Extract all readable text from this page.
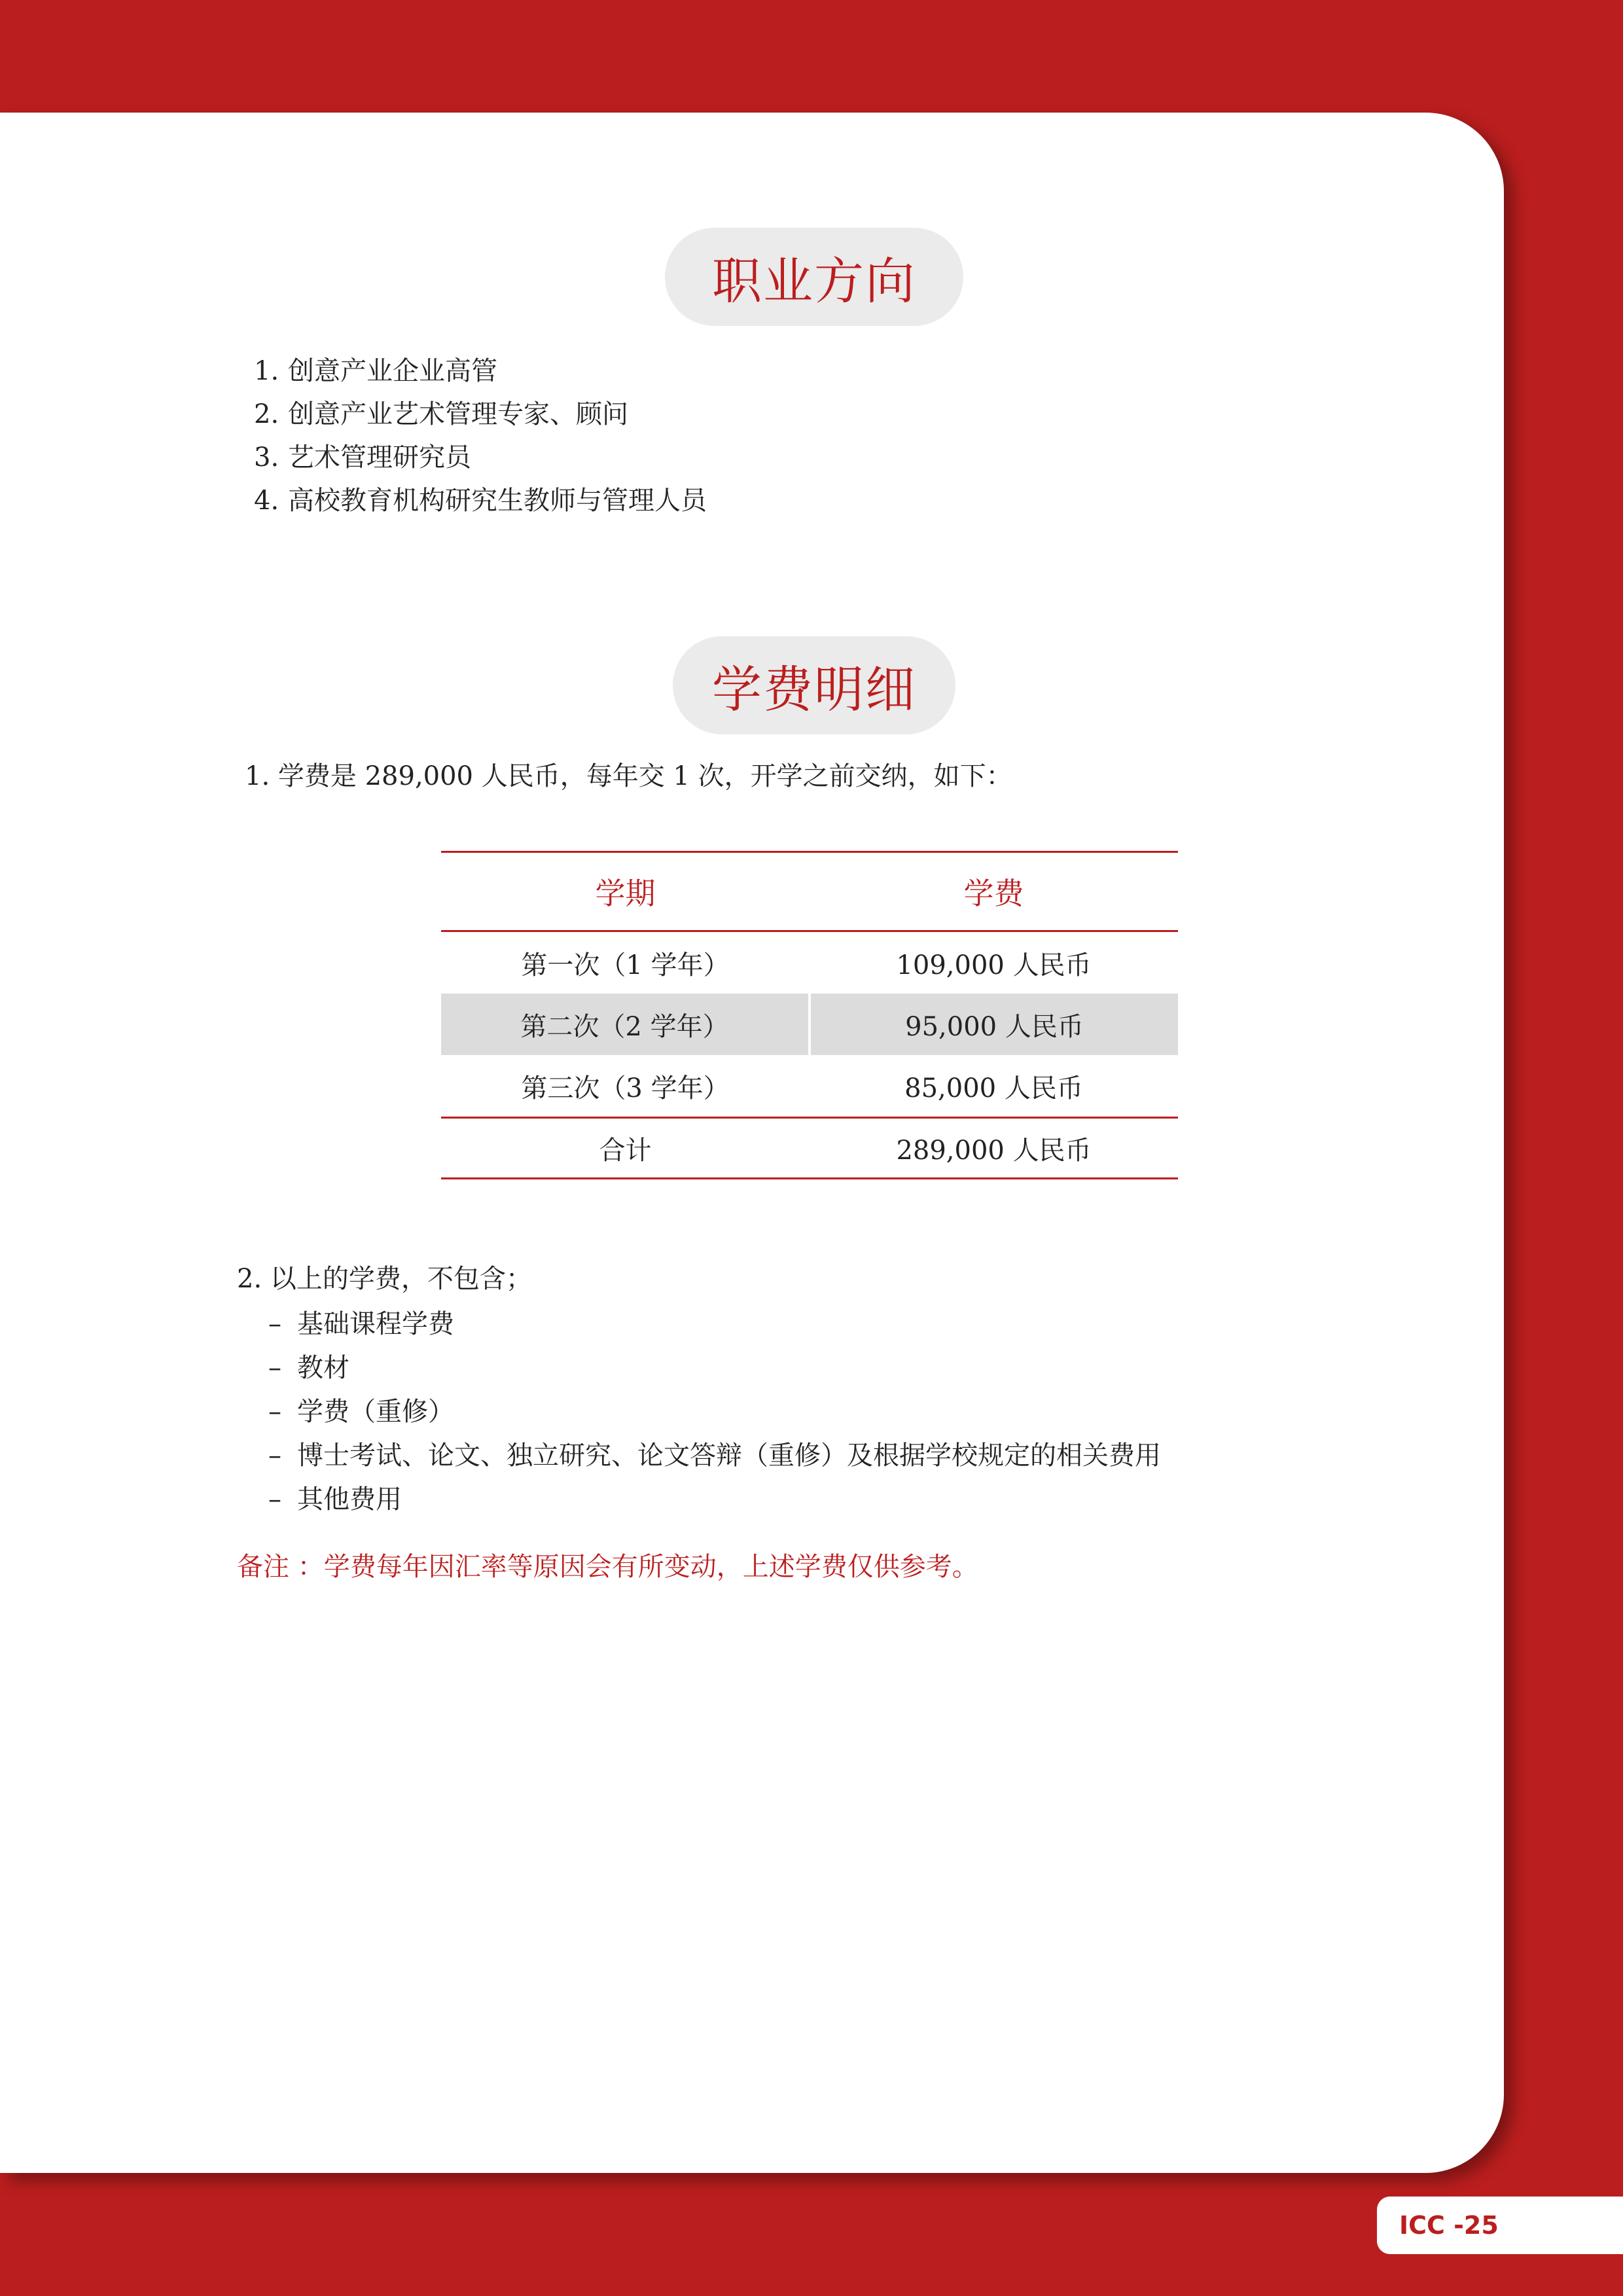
职业方向
1. 创意产业企业高管
2. 创意产业艺术管理专家、顾问
3. 艺术管理研究员
4. 高校教育机构研究生教师与管理人员
学费明细
1. 学费是 289,000 人民币，每年交 1 次，开学之前交纳，如下：
学期	学费
第一次（1 学年）	109,000 人民币
第二次（2 学年）	95,000 人民币
第三次（3 学年）	85,000 人民币
合计	289,000 人民币
2. 以上的学费，不包含；
– 基础课程学费
– 教材
– 学费（重修）
– 博士考试、论文、独立研究、论文答辩（重修）及根据学校规定的相关费用
– 其他费用
备注 ：学费每年因汇率等原因会有所变动，上述学费仅供参考。
ICC -25
